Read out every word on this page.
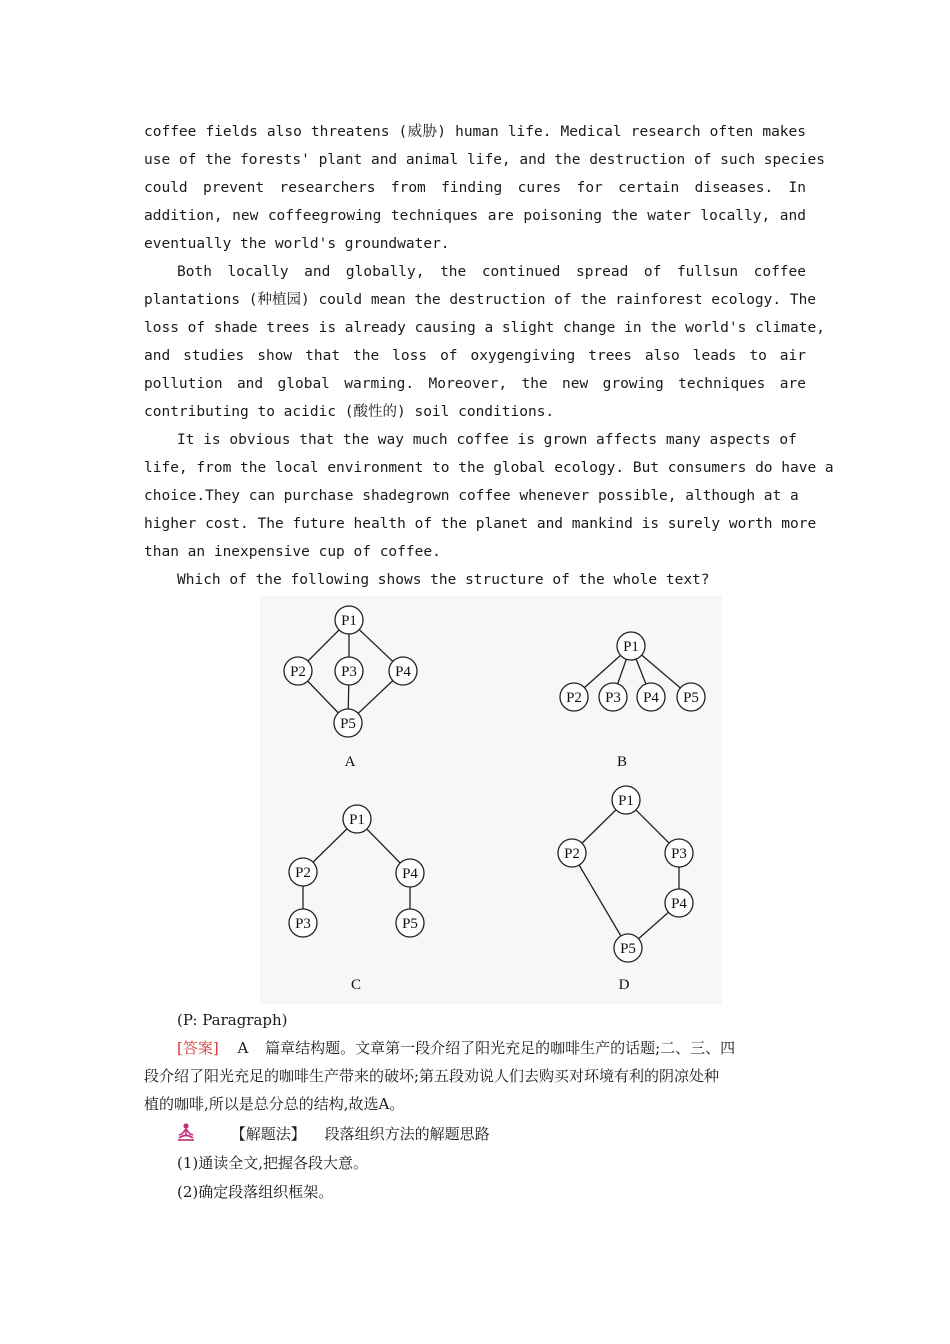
coffee fields also threatens (威胁) human life. Medical research often makes
use of the forests' plant and animal life, and the destruction of such species
could prevent researchers from finding cures for certain diseases. In
addition, new coffeegrowing techniques are poisoning the water locally, and
eventually the world's groundwater.
Both locally and globally, the continued spread of fullsun coffee
plantations (种植园) could mean the destruction of the rainforest ecology. The
loss of shade trees is already causing a slight change in the world's climate,
and studies show that the loss of oxygengiving trees also leads to air
pollution and global warming. Moreover, the new growing techniques are
contributing to acidic (酸性的) soil conditions.
It is obvious that the way much coffee is grown affects many aspects of
life, from the local environment to the global ecology. But consumers do have a
choice.They can purchase shadegrown coffee whenever possible, although at a
higher cost. The future health of the planet and mankind is surely worth more
than an inexpensive cup of coffee.
Which of the following shows the structure of the whole text?
P1
P2 P3	P4
P5
A
P1
P2 P3 P4 P5
B
P1
P2
P3
P4
P5
C
P1
P2	P3
P4
P5
D
(P: Paragraph)
[答案] A 篇章结构题。文章第一段介绍了阳光充足的咖啡生产的话题;二、三、四
段介绍了阳光充足的咖啡生产带来的破坏;第五段劝说人们去购买对环境有利的阴凉处种
植的咖啡,所以是总分总的结构,故选A。
【解题法】 段落组织方法的解题思路
(1)通读全文,把握各段大意。
(2)确定段落组织框架。
